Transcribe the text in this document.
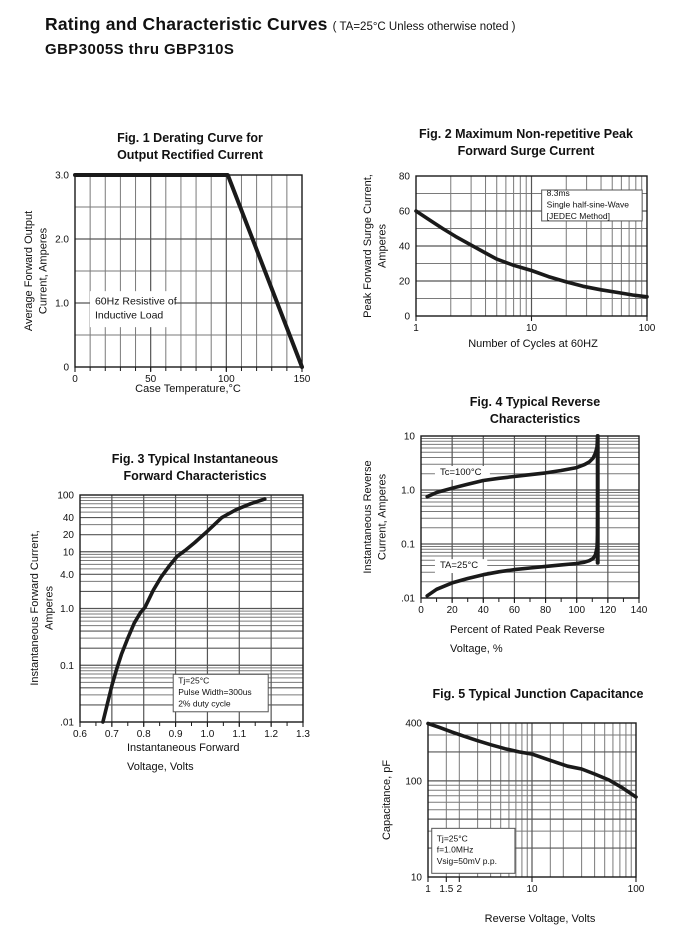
Rating and Characteristic Curves ( TA=25°C Unless otherwise noted )
GBP3005S thru GBP310S
60Hz Resistive of
Inductive Load
0	50	100	150
0
1.0
2.0
3.0
Fig. 1 Derating Curve for
Output Rectified Current
Case Temperature,°C
Average Forward Output Current, Amperes
8.3ms
Single half-sine-Wave
[JEDEC Method]
1	10	100
0
20
40
60
80
Fig. 2 Maximum Non-repetitive Peak
Forward Surge Current
Number of Cycles at 60HZ
Peak Forward Surge Current, Amperes
Tj=25°C
Pulse Width=300us
2% duty cycle
0.6 0.7 0.8 0.9 1.0 1.1 1.2 1.3
100
40
20
10
4.0
1.0
0.1
.01
Fig. 3 Typical Instantaneous
Forward Characteristics
Instantaneous Forward
Voltage, Volts
Instantaneous Forward Current, Amperes
Tc=100°C
TA=25°C
0 20 40 60 80 100 120 140
10
1.0
0.1
.01
Fig. 4 Typical Reverse
Characteristics
Percent of Rated Peak Reverse
Voltage, %
Instantaneous Reverse Current, Amperes
Tj=25°C
f=1.0MHz
Vsig=50mV p.p.
1 1.5 2	10	100
400
100
10
Fig. 5 Typical Junction Capacitance
Reverse Voltage, Volts
Capacitance, pF
